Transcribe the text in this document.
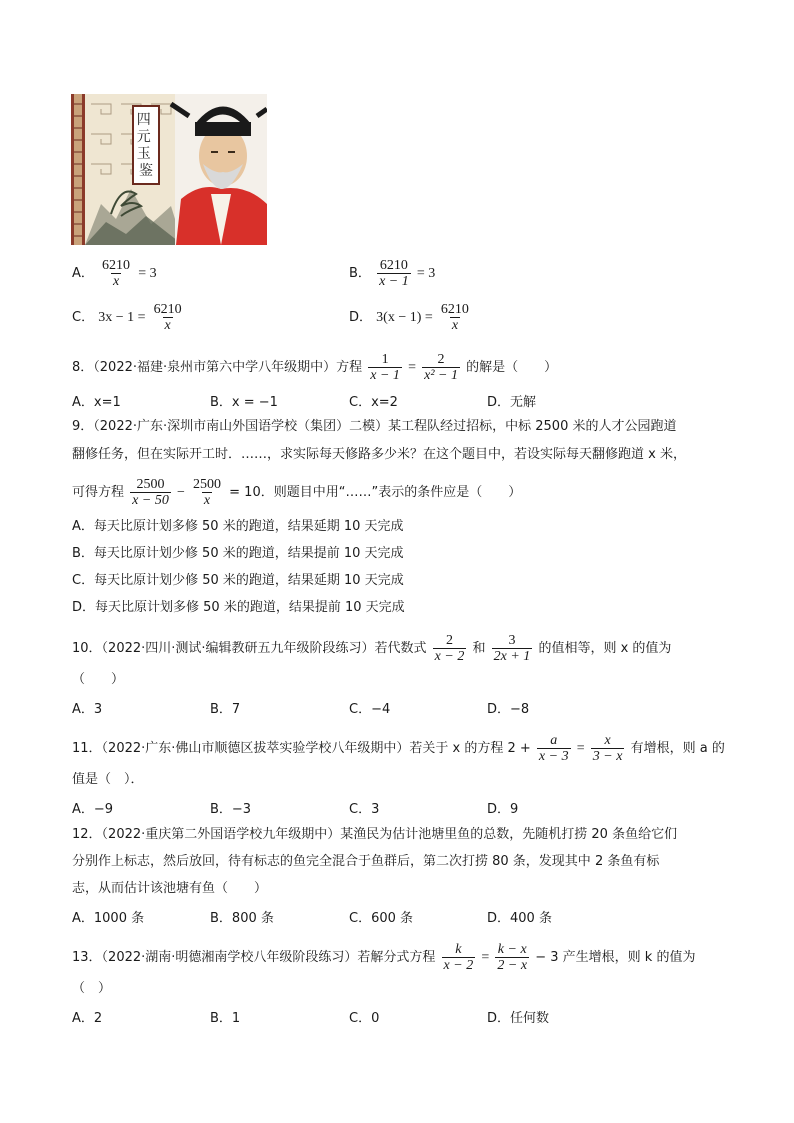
四 元 玉 鉴
A． $\frac{6210}{x} = 3$	B． $\frac{6210}{x - 1} = 3$
C． $3x - 1 = \frac{6210}{x}$	D． $3(x - 1) = \frac{6210}{x}$
8．（2022·福建·泉州市第六中学八年级期中）方程 $\frac{1}{x - 1} = \frac{2}{\text{x² − 1}}$ 的解是（　　）
A．x=1	B．x = −1	C．x=2	D．无解
9．（2022·广东·深圳市南山外国语学校（集团）二模）某工程队经过招标，中标 2500 米的人才公园跑道
翻修任务，但在实际开工时．……，求实际每天修路多少米？在这个题目中，若设实际每天翻修跑道 x 米，
可得方程 $\frac{2500}{x - 50} - \frac{2500}{x} = 10$．则题目中用“……”表示的条件应是（　　）
A．每天比原计划多修 50 米的跑道，结果延期 10 天完成
B．每天比原计划少修 50 米的跑道，结果提前 10 天完成
C．每天比原计划少修 50 米的跑道，结果延期 10 天完成
D．每天比原计划多修 50 米的跑道，结果提前 10 天完成
10．（2022·四川·测试·编辑教研五九年级阶段练习）若代数式 $\frac{2}{x - 2}$ 和 $\frac{3}{2x + 1}$ 的值相等，则 x 的值为
（　　）
A．3	B．7	C．−4	D．−8
11．（2022·广东·佛山市顺德区拔萃实验学校八年级期中）若关于 x 的方程 $2 + \frac{a}{x - 3} = \frac{x}{3 - x}$ 有增根，则 a 的
值是（　）．
A．−9	B．−3	C．3	D．9
12．（2022·重庆第二外国语学校九年级期中）某渔民为估计池塘里鱼的总数，先随机打捞 20 条鱼给它们
分别作上标志，然后放回，待有标志的鱼完全混合于鱼群后，第二次打捞 80 条，发现其中 2 条鱼有标
志，从而估计该池塘有鱼（　　）
A．1000 条	B．800 条	C．600 条	D．400 条
13．（2022·湖南·明德湘南学校八年级阶段练习）若解分式方程 $\frac{k}{x - 2} = \frac{k - x}{2 - x} - 3$ 产生增根，则 k 的值为
（　）
A．2	B．1	C．0	D．任何数
